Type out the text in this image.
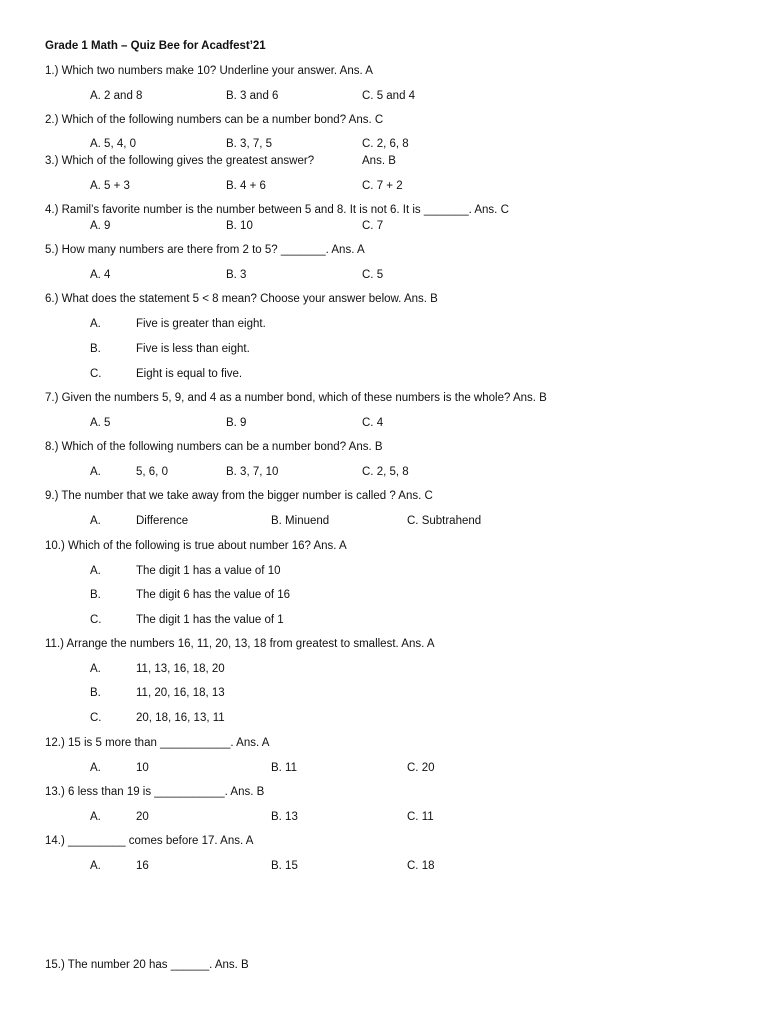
Grade 1 Math – Quiz Bee for Acadfest’21
1.) Which two numbers make 10? Underline your answer. Ans. A
A. 2 and 8	B. 3 and 6	C. 5 and 4
2.) Which of the following numbers can be a number bond? Ans. C
A. 5, 4, 0	B. 3, 7, 5	C. 2, 6, 8
3.) Which of the following gives the greatest answer?	Ans. B
A. 5 + 3	B. 4 + 6	C. 7 + 2
4.) Ramil’s favorite number is the number between 5 and 8. It is not 6. It is _______. Ans. C
A. 9	B. 10	C. 7
5.) How many numbers are there from 2 to 5? _______. Ans. A
A. 4	B. 3	C. 5
6.) What does the statement 5 < 8 mean? Choose your answer below. Ans. B
A.	Five is greater than eight.
B.	Five is less than eight.
C.	Eight is equal to five.
7.) Given the numbers 5, 9, and 4 as a number bond, which of these numbers is the whole? Ans. B
A. 5	B. 9	C. 4
8.) Which of the following numbers can be a number bond? Ans. B
A.	5, 6, 0	B. 3, 7, 10	C. 2, 5, 8
9.) The number that we take away from the bigger number is called ? Ans. C
A.	Difference	B. Minuend	C. Subtrahend
10.) Which of the following is true about number 16? Ans. A
A.	The digit 1 has a value of 10
B.	The digit 6 has the value of 16
C.	The digit 1 has the value of 1
11.) Arrange the numbers 16, 11, 20, 13, 18 from greatest to smallest. Ans. A
A.	11, 13, 16, 18, 20
B.	11, 20, 16, 18, 13
C.	20, 18, 16, 13, 11
12.) 15 is 5 more than ___________. Ans. A
A.	10	B. 11	C. 20
13.) 6 less than 19 is ___________. Ans. B
A.	20	B. 13	C. 11
14.) _________ comes before 17. Ans. A
A.	16	B. 15	C. 18
15.) The number 20 has ______. Ans. B
